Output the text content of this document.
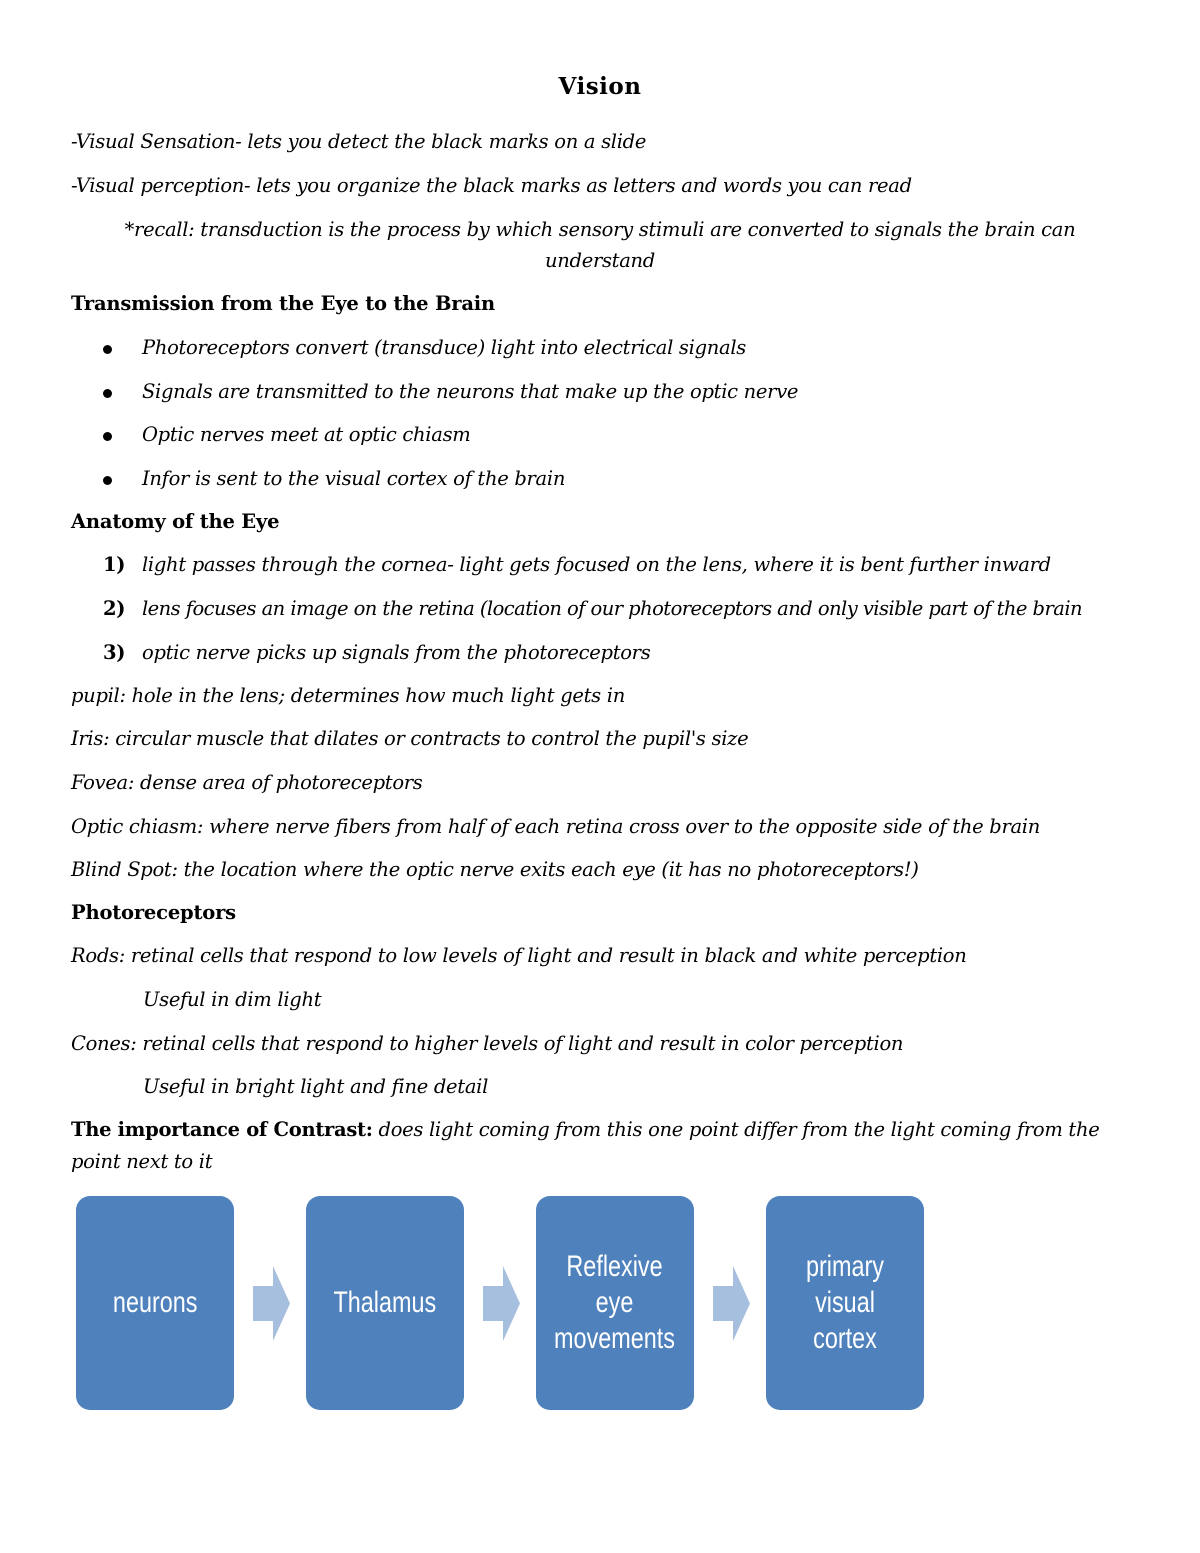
Vision
-Visual Sensation- lets you detect the black marks on a slide
-Visual perception- lets you organize the black marks as letters and words you can read
*recall: transduction is the process by which sensory stimuli are converted to signals the brain can
understand
Transmission from the Eye to the Brain
Photoreceptors convert (transduce) light into electrical signals
Signals are transmitted to the neurons that make up the optic nerve
Optic nerves meet at optic chiasm
Infor is sent to the visual cortex of the brain
Anatomy of the Eye
1) light passes through the cornea- light gets focused on the lens, where it is bent further inward
2) lens focuses an image on the retina (location of our photoreceptors and only visible part of the brain
3) optic nerve picks up signals from the photoreceptors
pupil: hole in the lens; determines how much light gets in
Iris: circular muscle that dilates or contracts to control the pupil's size
Fovea: dense area of photoreceptors
Optic chiasm: where nerve fibers from half of each retina cross over to the opposite side of the brain
Blind Spot: the location where the optic nerve exits each eye (it has no photoreceptors!)
Photoreceptors
Rods: retinal cells that respond to low levels of light and result in black and white perception
Useful in dim light
Cones: retinal cells that respond to higher levels of light and result in color perception
Useful in bright light and fine detail
The importance of Contrast: does light coming from this one point differ from the light coming from the
point next to it
neurons	Thalamus
Reflexive
eye
movements
primary
visual cortex
